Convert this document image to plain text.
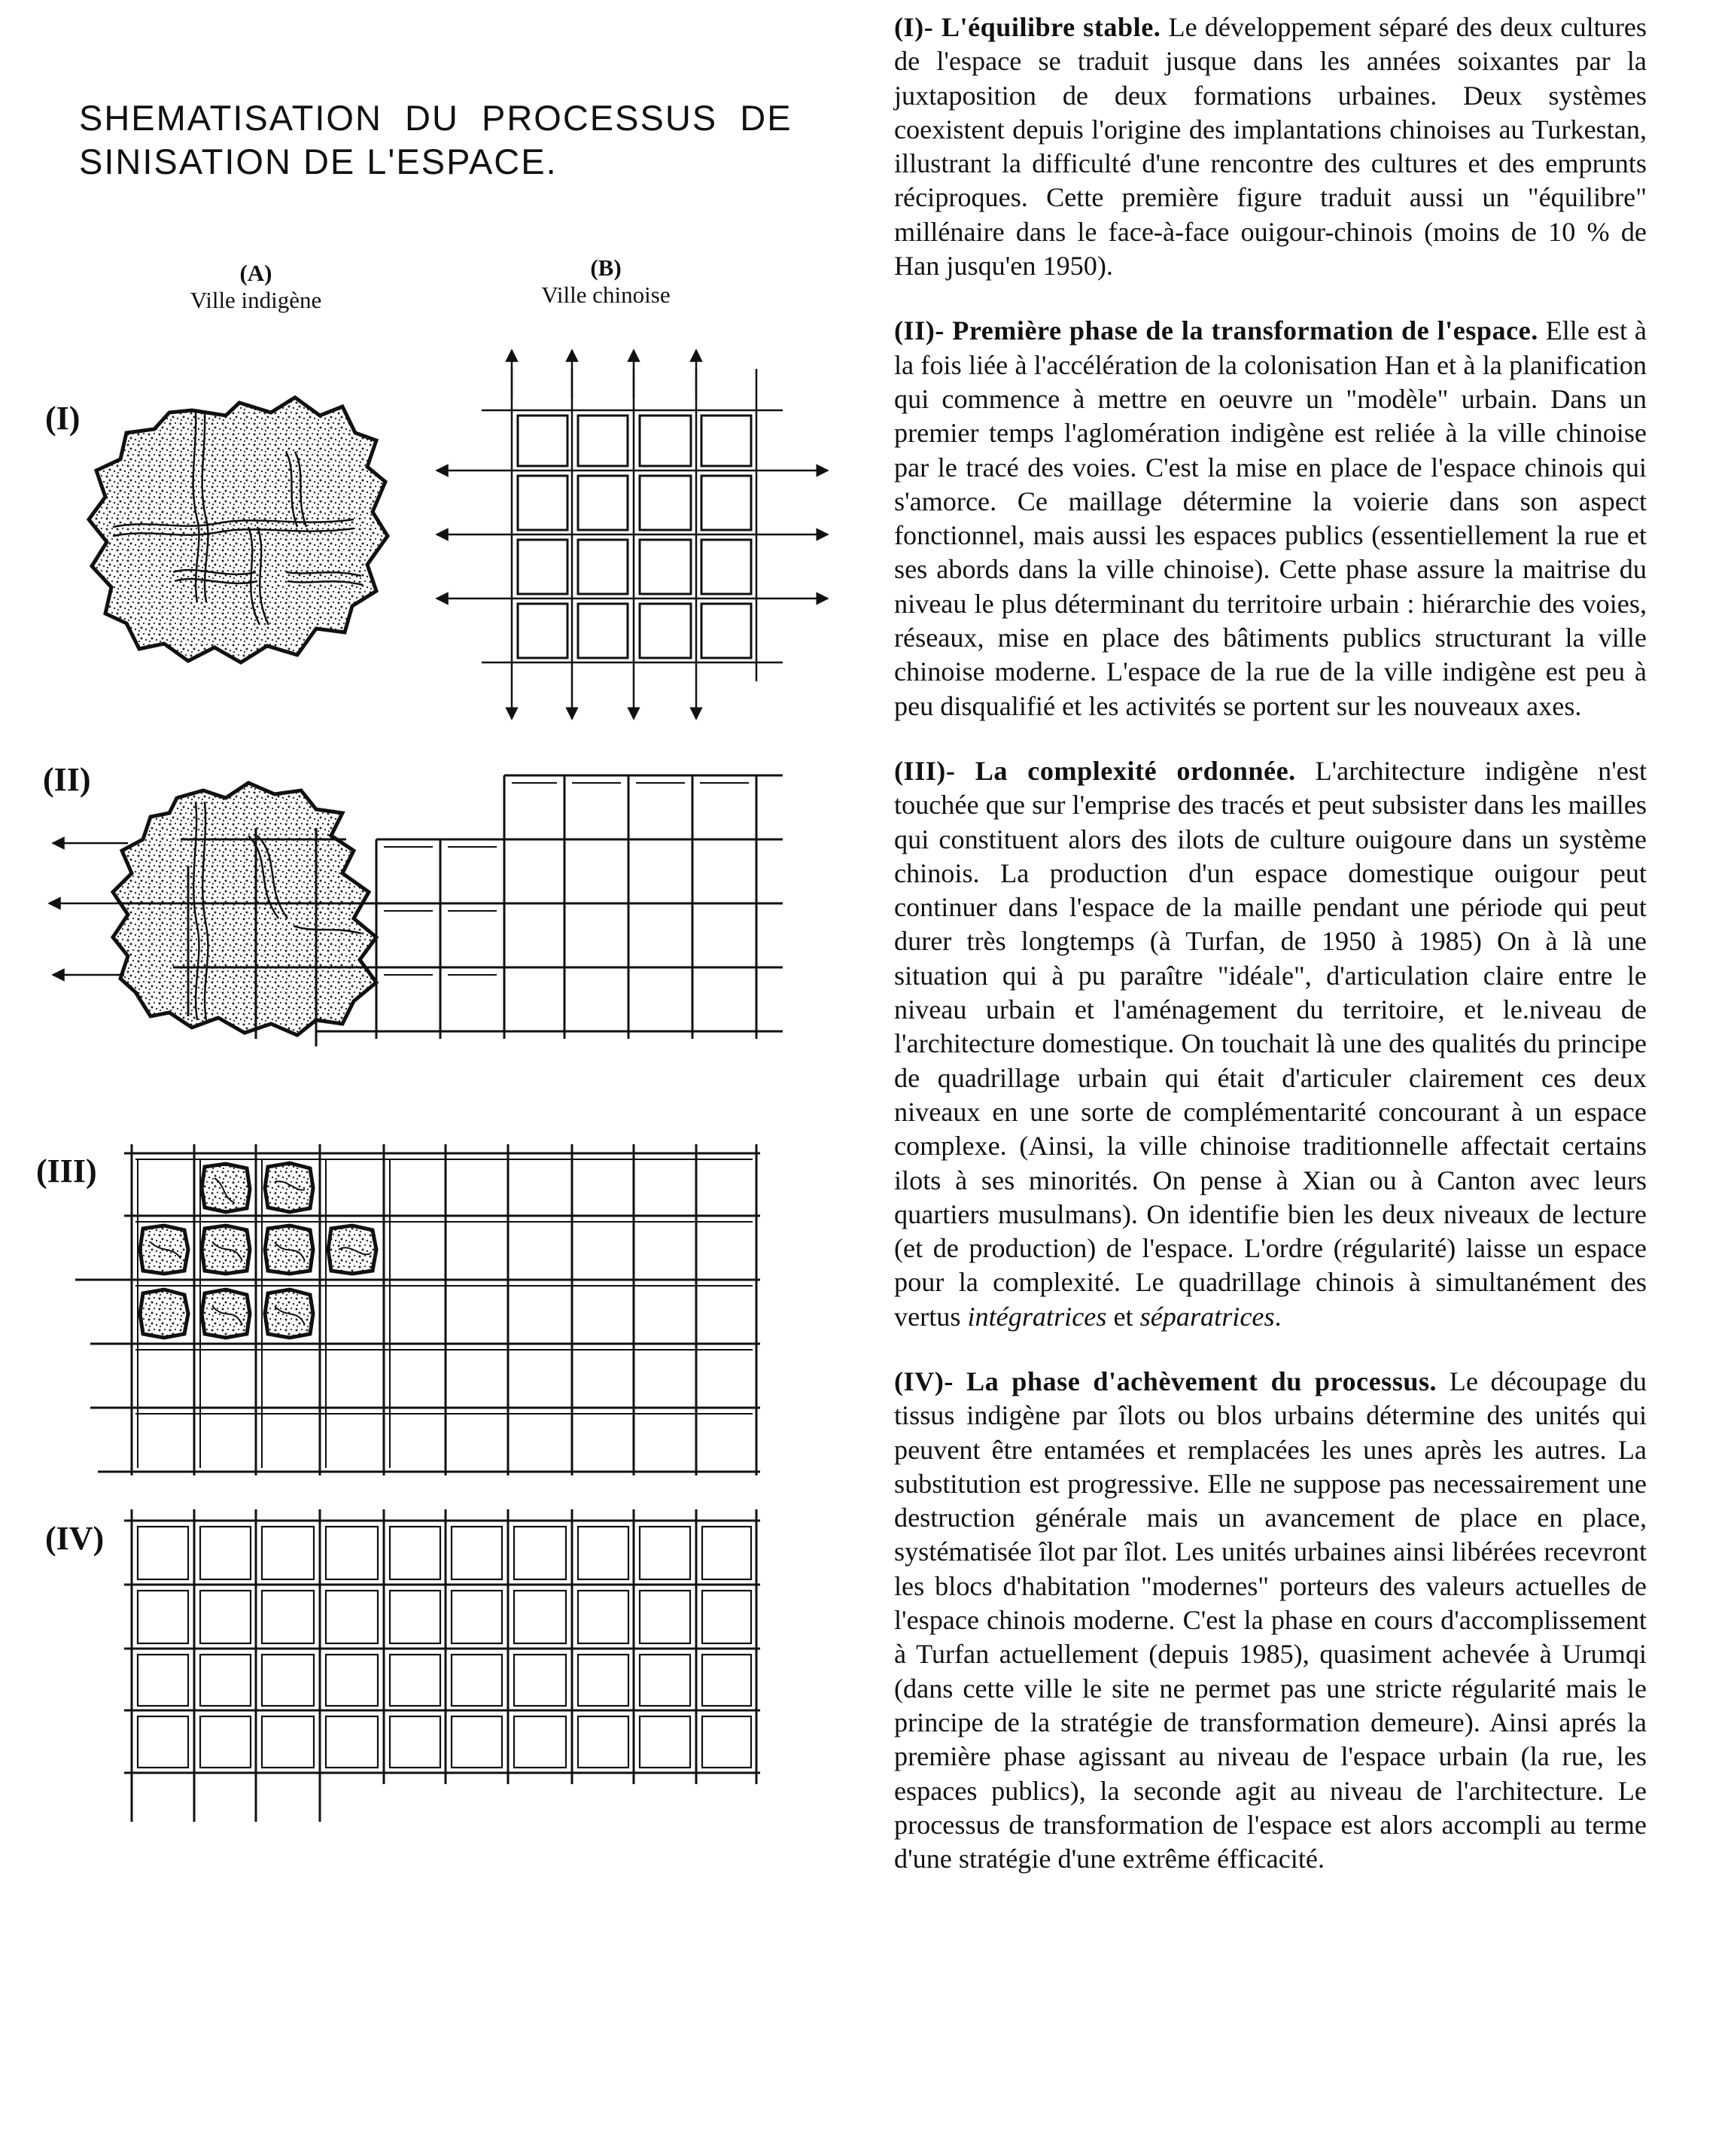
SHEMATISATION  DU  PROCESSUS  DE
SINISATION DE L'ESPACE.
(A)
Ville indigène
(B)
Ville chinoise
(I)
(II)
(III)
(IV)

(I)- L'équilibre stable. Le développement séparé des deux cultures de l'espace se traduit jusque dans les années soixantes par la juxtaposition de deux formations urbaines. Deux systèmes coexistent depuis l'origine des implantations chinoises au Turkestan, illustrant la difficulté d'une rencontre des cultures et des emprunts réciproques. Cette première figure traduit aussi un "équilibre" millénaire dans le face-à-face ouigour-chinois (moins de 10 % de Han jusqu'en 1950).

(II)- Première phase de la transformation de l'espace. Elle est à la fois liée à l'accélération de la colonisation Han et à la planification qui commence à mettre en oeuvre un "modèle" urbain. Dans un premier temps l'aglomération indigène est reliée à la ville chinoise par le tracé des voies. C'est la mise en place de l'espace chinois qui s'amorce. Ce maillage détermine la voierie dans son aspect fonctionnel, mais aussi les espaces publics (essentiellement la rue et ses abords dans la ville chinoise). Cette phase assure la maitrise du niveau le plus déterminant du territoire urbain : hiérarchie des voies, réseaux, mise en place des bâtiments publics structurant la ville chinoise moderne. L'espace de la rue de la ville indigène est peu à peu disqualifié et les activités se portent sur les nouveaux axes.

(III)- La complexité ordonnée. L'architecture indigène n'est touchée que sur l'emprise des tracés et peut subsister dans les mailles qui constituent alors des ilots de culture ouigoure dans un système chinois. La production d'un espace domestique ouigour peut continuer dans l'espace de la maille pendant une période qui peut durer très longtemps (à Turfan, de 1950 à 1985) On à là une situation qui à pu paraître "idéale", d'articulation claire entre le niveau urbain et l'aménagement du territoire, et le.niveau de l'architecture domestique. On touchait là une des qualités du principe de quadrillage urbain qui était d'articuler clairement ces deux niveaux en une sorte de complémentarité concourant à un espace complexe. (Ainsi, la ville chinoise traditionnelle affectait certains ilots à ses minorités. On pense à Xian ou à Canton avec leurs quartiers musulmans). On identifie bien les deux niveaux de lecture (et de production) de l'espace. L'ordre (régularité) laisse un espace pour la complexité. Le quadrillage chinois à simultanément des vertus intégratrices et séparatrices.

(IV)- La phase d'achèvement du processus. Le découpage du tissus indigène par îlots ou blos urbains détermine des unités qui peuvent être entamées et remplacées les unes après les autres. La substitution est progressive. Elle ne suppose pas necessairement une destruction générale mais un avancement de place en place, systématisée îlot par îlot. Les unités urbaines ainsi libérées recevront les blocs d'habitation "modernes" porteurs des valeurs actuelles de l'espace chinois moderne. C'est la phase en cours d'accomplissement à Turfan actuellement (depuis 1985), quasiment achevée à Urumqi (dans cette ville le site ne permet pas une stricte régularité mais le principe de la stratégie de transformation demeure). Ainsi aprés la première phase agissant au niveau de l'espace urbain (la rue, les espaces publics), la seconde agit au niveau de l'architecture. Le processus de transformation de l'espace est alors accompli au terme d'une stratégie d'une extrême éfficacité.
